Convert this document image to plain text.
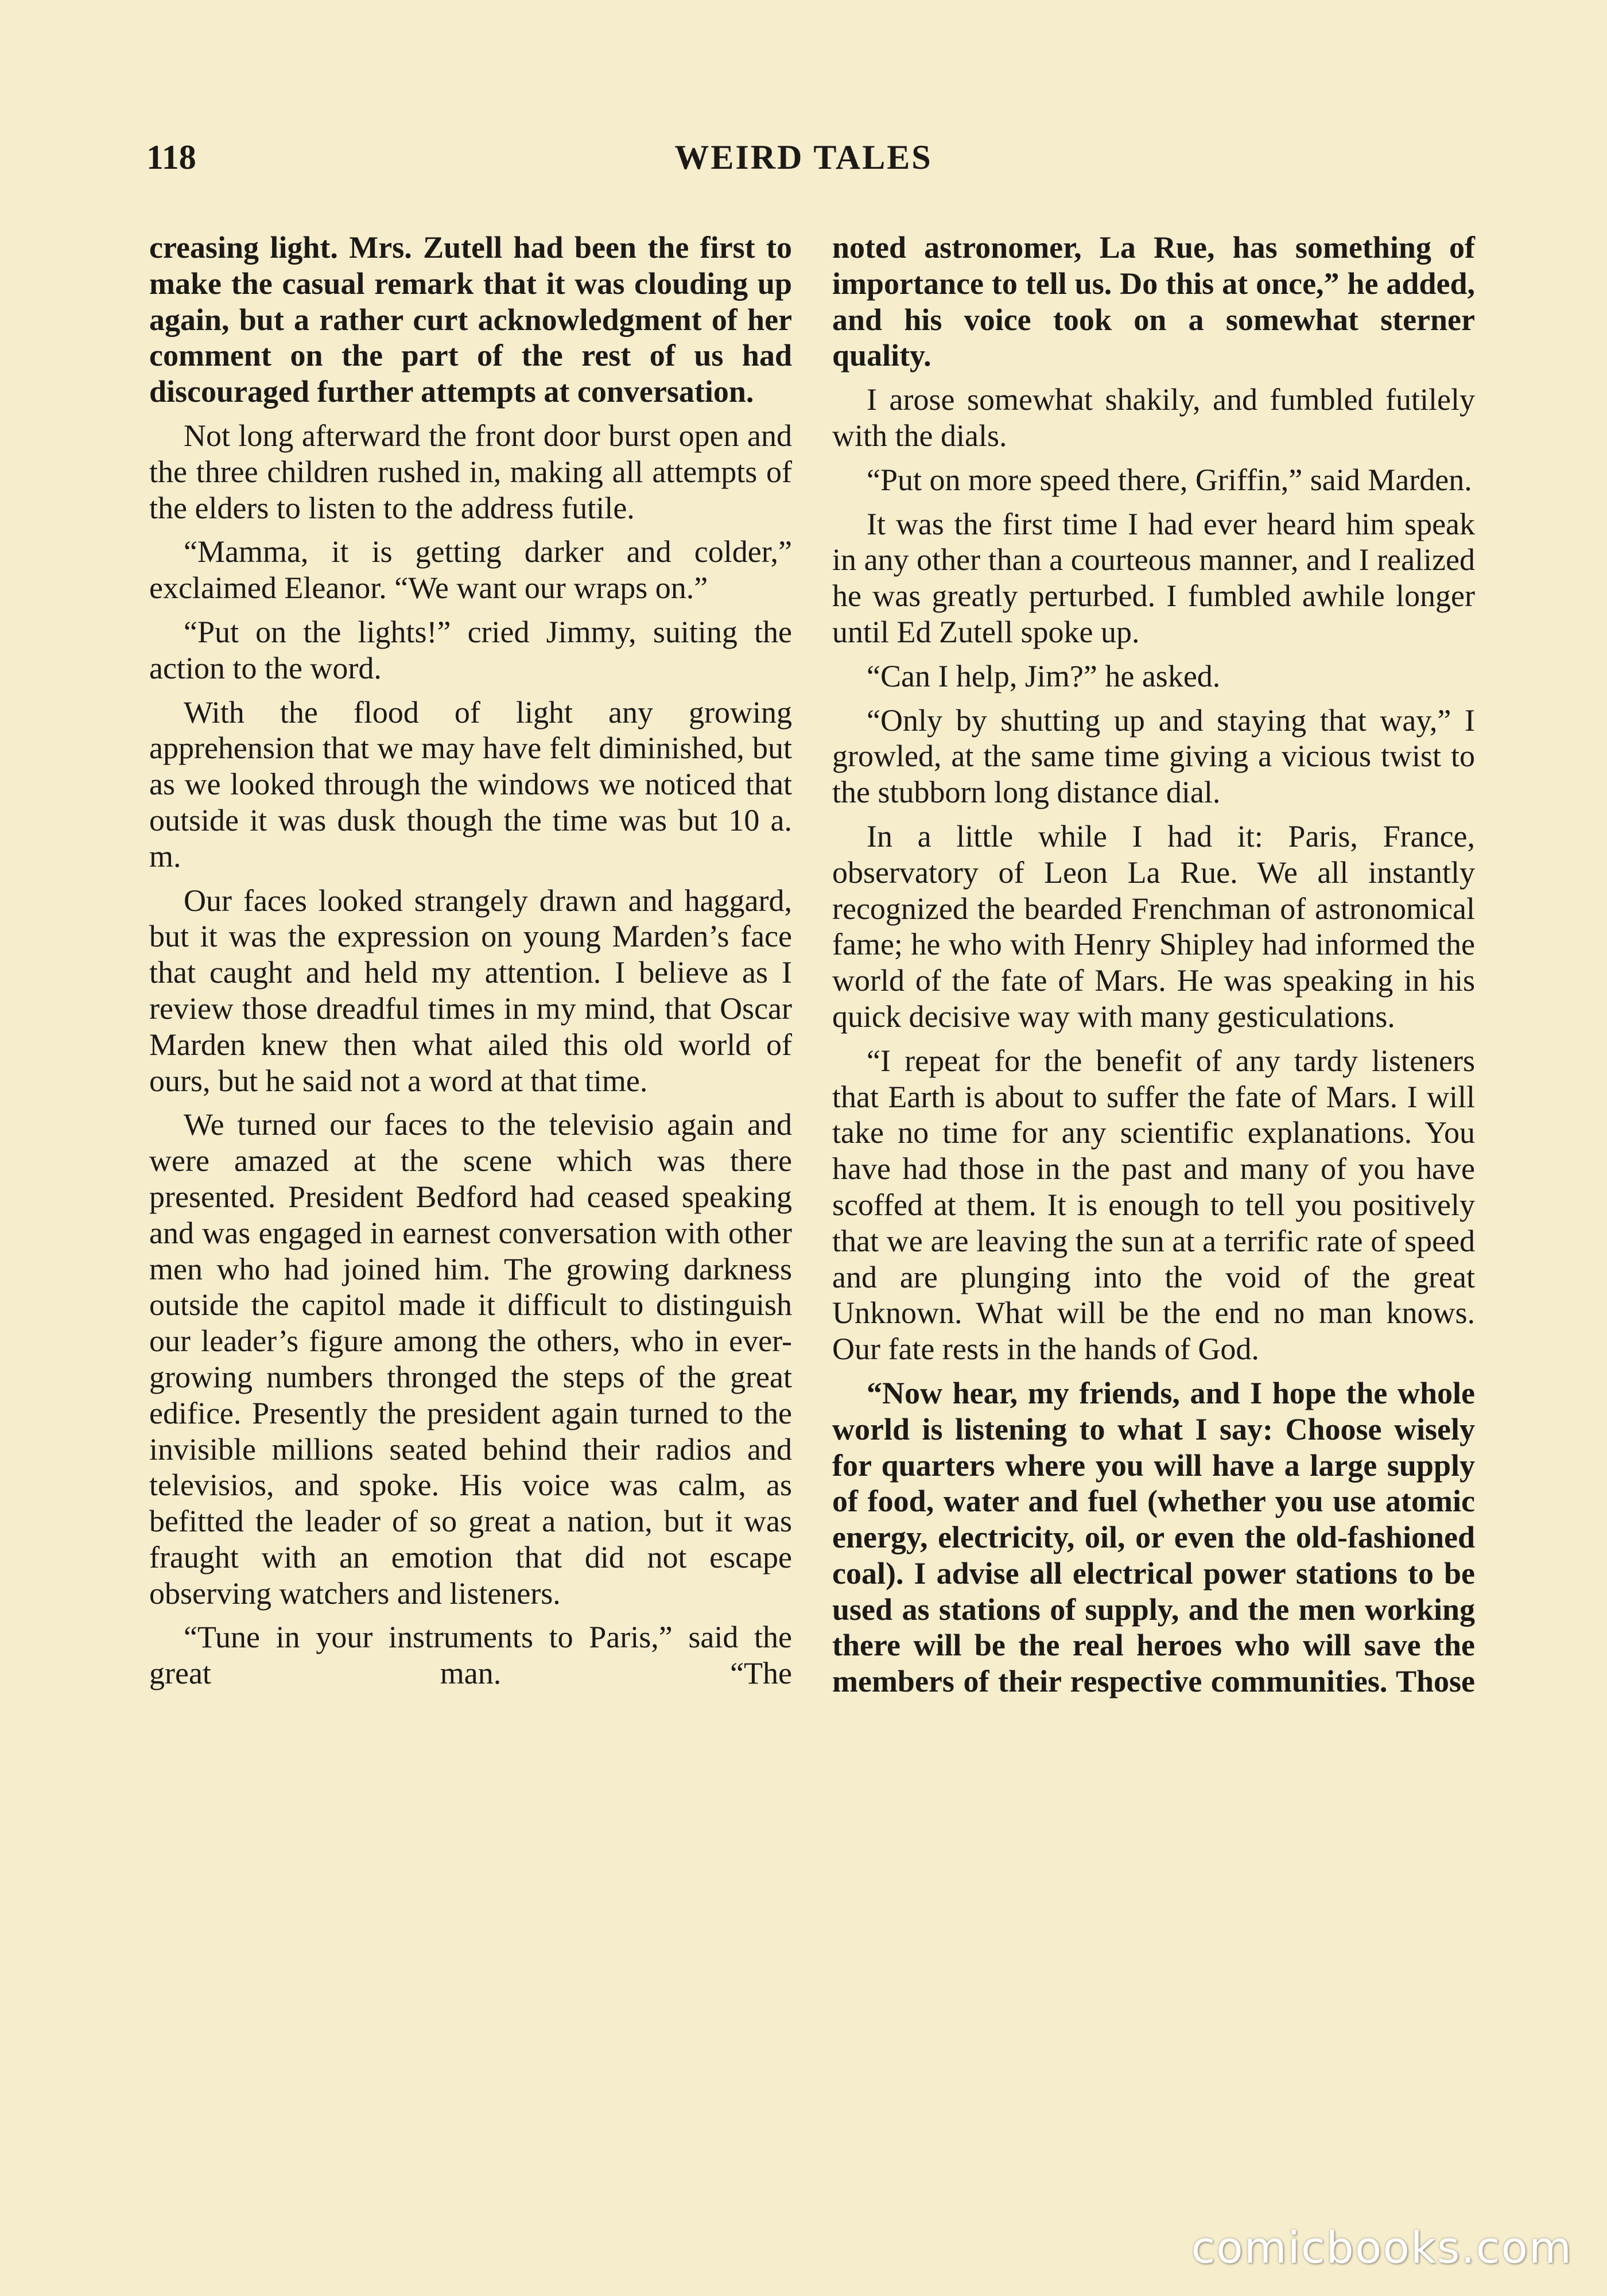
118	WEIRD TALES

creasing light. Mrs. Zutell had been the first to make the casual remark that it was clouding up again, but a rather curt acknowledgment of her comment on the part of the rest of us had discouraged further attempts at conversation.

Not long afterward the front door burst open and the three children rushed in, making all attempts of the elders to listen to the address futile.

“Mamma, it is getting darker and colder,” exclaimed Eleanor. “We want our wraps on.”

“Put on the lights!” cried Jimmy, suiting the action to the word.

With the flood of light any growing apprehension that we may have felt diminished, but as we looked through the windows we noticed that outside it was dusk though the time was but 10 a. m.

Our faces looked strangely drawn and haggard, but it was the expression on young Marden’s face that caught and held my attention. I believe as I review those dreadful times in my mind, that Oscar Marden knew then what ailed this old world of ours, but he said not a word at that time.

We turned our faces to the televisio again and were amazed at the scene which was there presented. President Bedford had ceased speaking and was engaged in earnest conversation with other men who had joined him. The growing darkness outside the capitol made it difficult to distinguish our leader’s figure among the others, who in ever-growing numbers thronged the steps of the great edifice. Presently the president again turned to the invisible millions seated behind their radios and televisios, and spoke. His voice was calm, as befitted the leader of so great a nation, but it was fraught with an emotion that did not escape observing watchers and listeners.

“Tune in your instruments to Paris,” said the great man. “The

noted astronomer, La Rue, has something of importance to tell us. Do this at once,” he added, and his voice took on a somewhat sterner quality.

I arose somewhat shakily, and fumbled futilely with the dials.

“Put on more speed there, Griffin,” said Marden.

It was the first time I had ever heard him speak in any other than a courteous manner, and I realized he was greatly perturbed. I fumbled awhile longer until Ed Zutell spoke up.

“Can I help, Jim?” he asked.

“Only by shutting up and staying that way,” I growled, at the same time giving a vicious twist to the stubborn long distance dial.

In a little while I had it: Paris, France, observatory of Leon La Rue. We all instantly recognized the bearded Frenchman of astronomical fame; he who with Henry Shipley had informed the world of the fate of Mars. He was speaking in his quick decisive way with many gesticulations.

“I repeat for the benefit of any tardy listeners that Earth is about to suffer the fate of Mars. I will take no time for any scientific explanations. You have had those in the past and many of you have scoffed at them. It is enough to tell you positively that we are leaving the sun at a terrific rate of speed and are plunging into the void of the great Unknown. What will be the end no man knows. Our fate rests in the hands of God.

“Now hear, my friends, and I hope the whole world is listening to what I say: Choose wisely for quarters where you will have a large supply of food, water and fuel (whether you use atomic energy, electricity, oil, or even the old-fashioned coal). I advise all electrical power stations to be used as stations of supply, and the men working there will be the real heroes who will save the members of their respective communities. Those

comicbooks.com
